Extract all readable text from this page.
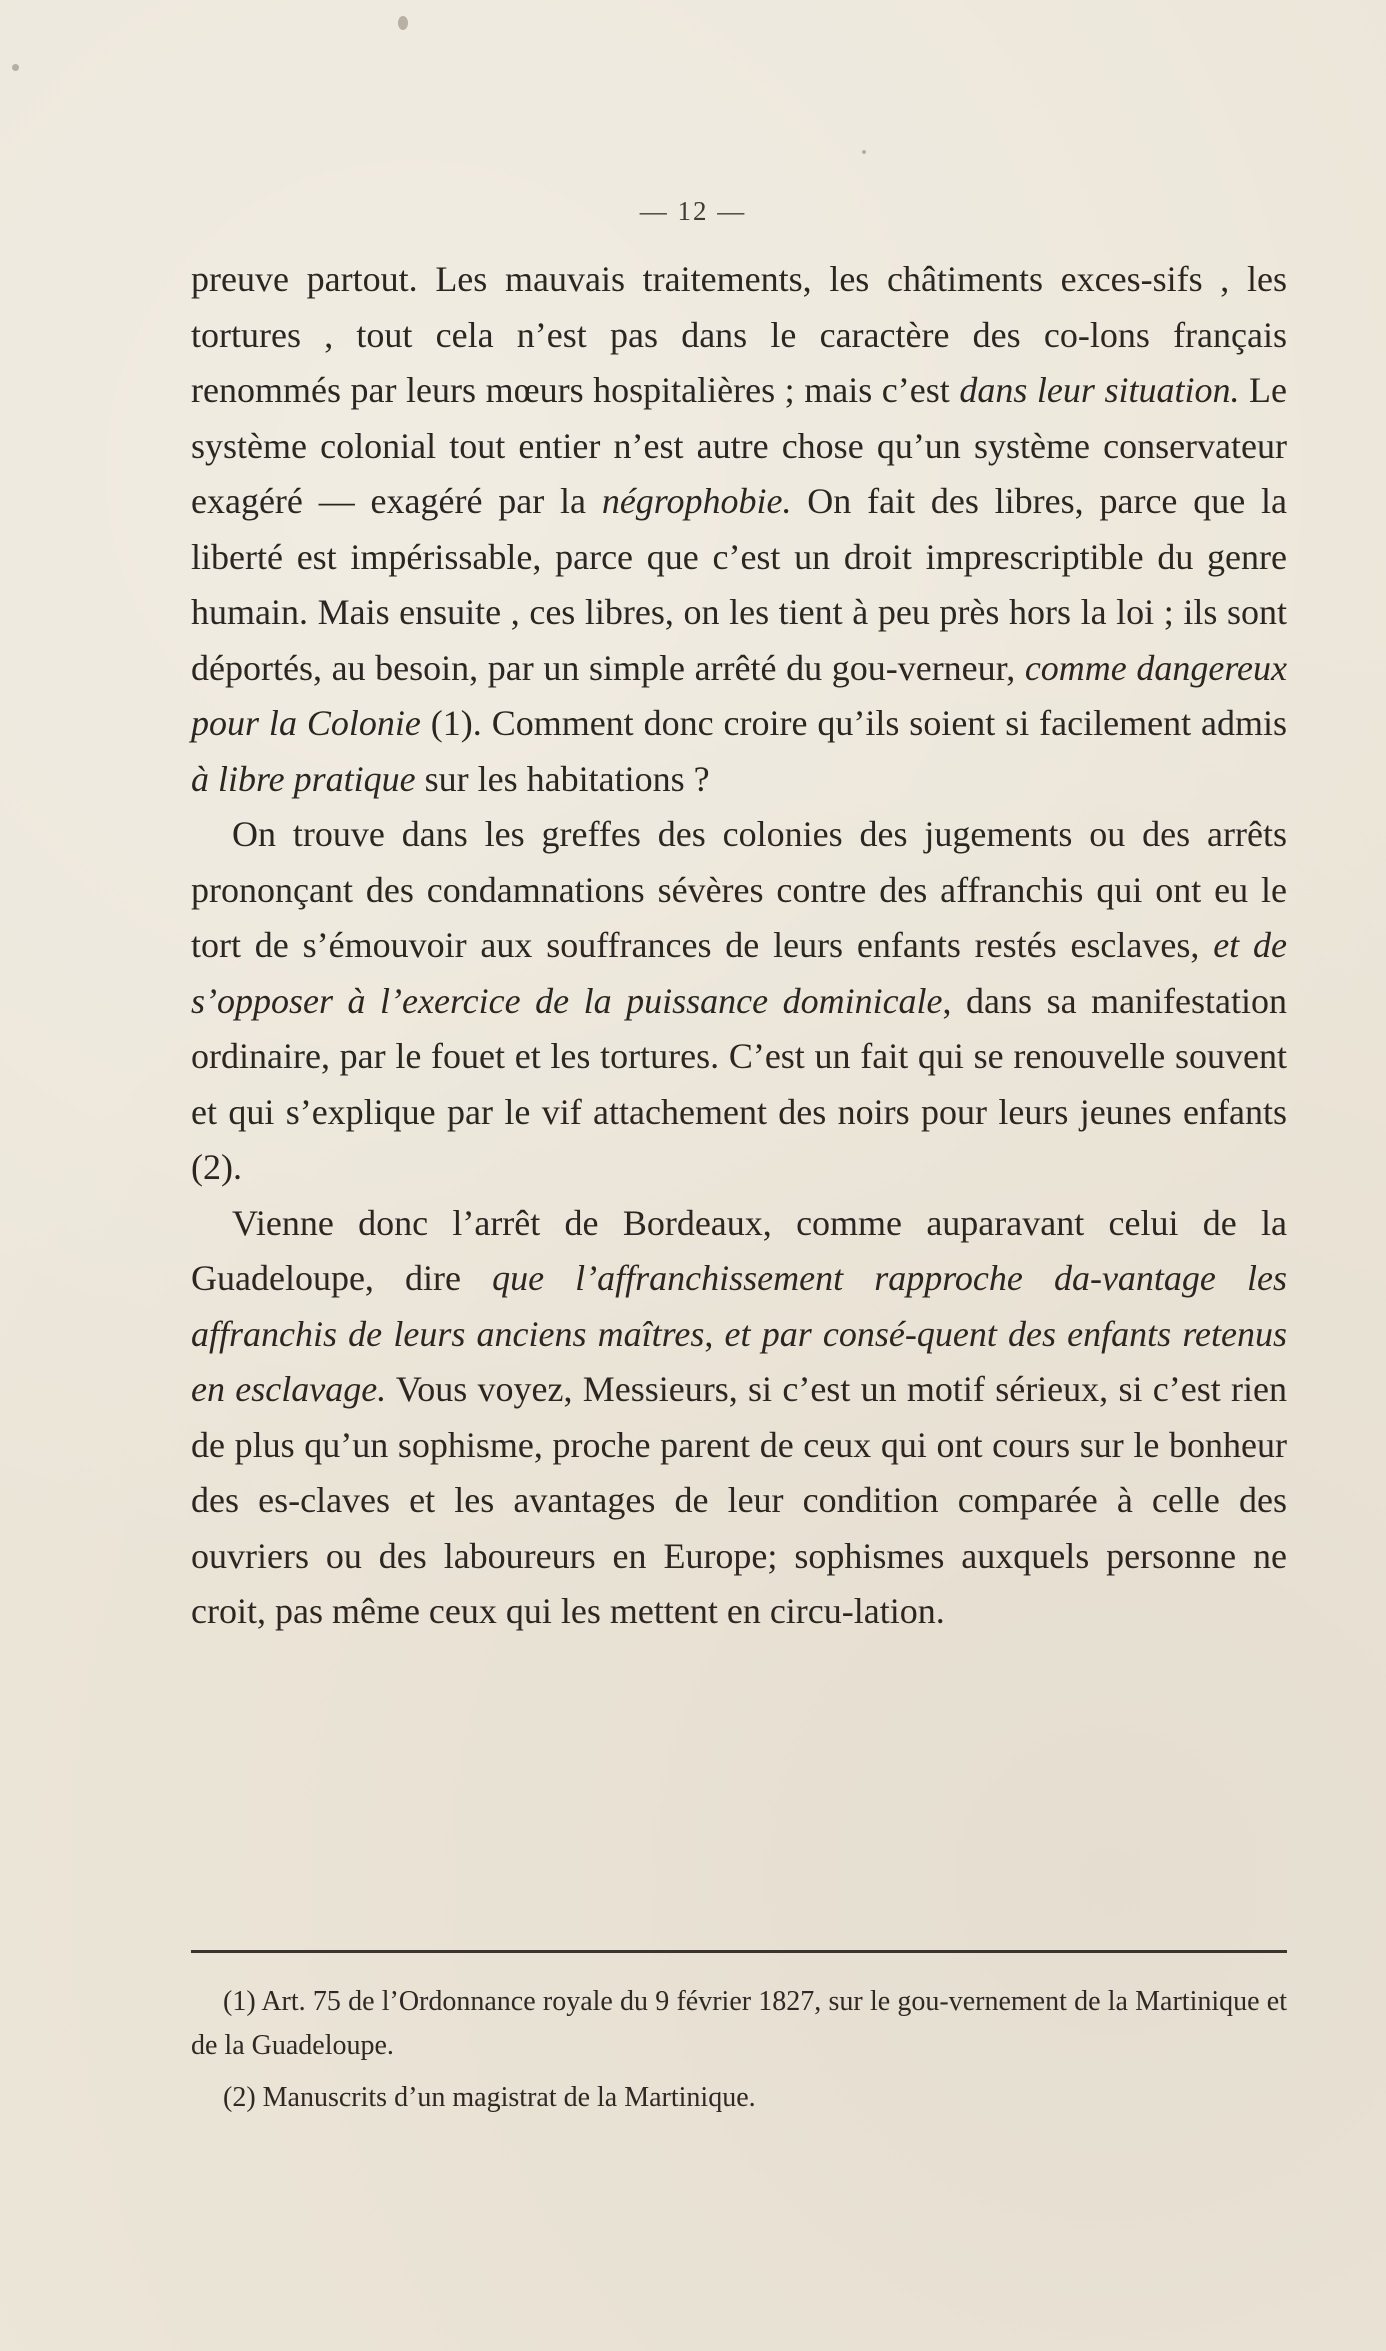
— 12 —

preuve partout. Les mauvais traitements, les châtiments exces-sifs , les tortures , tout cela n’est pas dans le caractère des co-lons français renommés par leurs mœurs hospitalières ; mais c’est dans leur situation. Le système colonial tout entier n’est autre chose qu’un système conservateur exagéré — exagéré par la négrophobie. On fait des libres, parce que la liberté est impérissable, parce que c’est un droit imprescriptible du genre humain. Mais ensuite , ces libres, on les tient à peu près hors la loi ; ils sont déportés, au besoin, par un simple arrêté du gou-verneur, comme dangereux pour la Colonie (1). Comment donc croire qu’ils soient si facilement admis à libre pratique sur les habitations ?

On trouve dans les greffes des colonies des jugements ou des arrêts prononçant des condamnations sévères contre des affranchis qui ont eu le tort de s’émouvoir aux souffrances de leurs enfants restés esclaves, et de s’opposer à l’exercice de la puissance dominicale, dans sa manifestation ordinaire, par le fouet et les tortures. C’est un fait qui se renouvelle souvent et qui s’explique par le vif attachement des noirs pour leurs jeunes enfants (2).

Vienne donc l’arrêt de Bordeaux, comme auparavant celui de la Guadeloupe, dire que l’affranchissement rapproche da-vantage les affranchis de leurs anciens maîtres, et par consé-quent des enfants retenus en esclavage. Vous voyez, Messieurs, si c’est un motif sérieux, si c’est rien de plus qu’un sophisme, proche parent de ceux qui ont cours sur le bonheur des es-claves et les avantages de leur condition comparée à celle des ouvriers ou des laboureurs en Europe; sophismes auxquels personne ne croit, pas même ceux qui les mettent en circu-lation.

(1) Art. 75 de l’Ordonnance royale du 9 février 1827, sur le gou-vernement de la Martinique et de la Guadeloupe.

(2) Manuscrits d’un magistrat de la Martinique.
